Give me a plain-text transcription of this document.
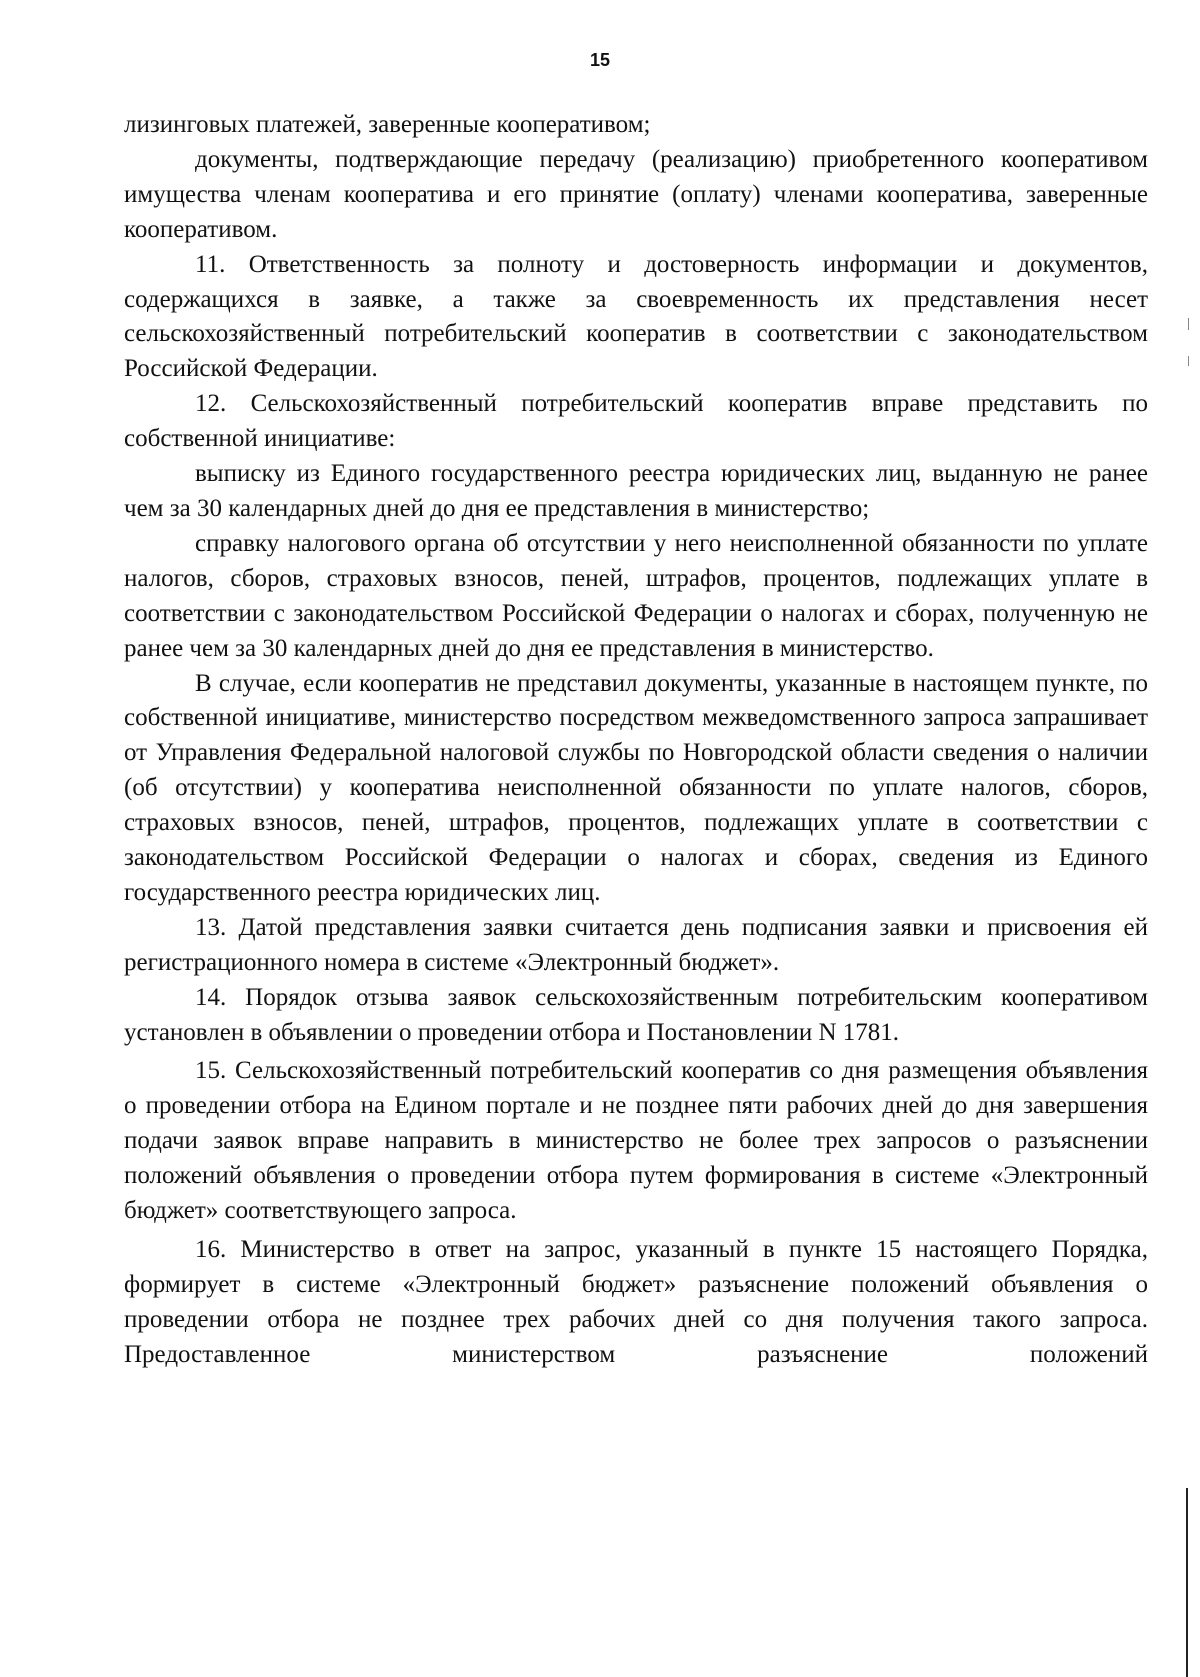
15

лизинговых платежей, заверенные кооперативом;

документы, подтверждающие передачу (реализацию) приобретенного кооперативом имущества членам кооператива и его принятие (оплату) членами кооператива, заверенные кооперативом.

11. Ответственность за полноту и достоверность информации и документов, содержащихся в заявке, а также за своевременность их представления несет сельскохозяйственный потребительский кооператив в соответствии с законодательством Российской Федерации.

12. Сельскохозяйственный потребительский кооператив вправе представить по собственной инициативе:

выписку из Единого государственного реестра юридических лиц, выданную не ранее чем за 30 календарных дней до дня ее представления в министерство;

справку налогового органа об отсутствии у него неисполненной обязанности по уплате налогов, сборов, страховых взносов, пеней, штрафов, процентов, подлежащих уплате в соответствии с законодательством Российской Федерации о налогах и сборах, полученную не ранее чем за 30 календарных дней до дня ее представления в министерство.

В случае, если кооператив не представил документы, указанные в настоящем пункте, по собственной инициативе, министерство посредством межведомственного запроса запрашивает от Управления Федеральной налоговой службы по Новгородской области сведения о наличии (об отсутствии) у кооператива неисполненной обязанности по уплате налогов, сборов, страховых взносов, пеней, штрафов, процентов, подлежащих уплате в соответствии с законодательством Российской Федерации о налогах и сборах, сведения из Единого государственного реестра юридических лиц.

13. Датой представления заявки считается день подписания заявки и присвоения ей регистрационного номера в системе «Электронный бюджет».

14. Порядок отзыва заявок сельскохозяйственным потребительским кооперативом установлен в объявлении о проведении отбора и Постановлении N 1781.

15. Сельскохозяйственный потребительский кооператив со дня размещения объявления о проведении отбора на Едином портале и не позднее пяти рабочих дней до дня завершения подачи заявок вправе направить в министерство не более трех запросов о разъяснении положений объявления о проведении отбора путем формирования в системе «Электронный бюджет» соответствующего запроса.

16. Министерство в ответ на запрос, указанный в пункте 15 настоящего Порядка, формирует в системе «Электронный бюджет» разъяснение положений объявления о проведении отбора не позднее трех рабочих дней со дня получения такого запроса. Предоставленное министерством разъяснение положений
